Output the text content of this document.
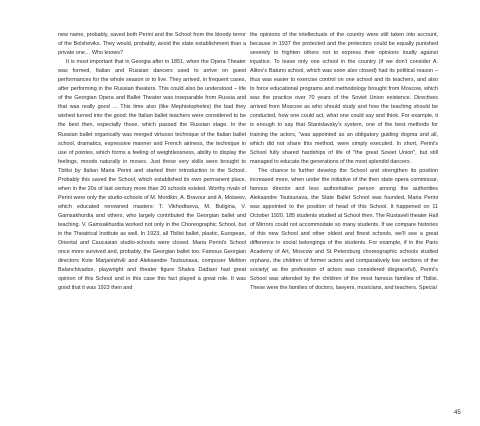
new name, probably, saved both Perini and the School from the bloody terror of the Bolsheviks. They would, probably, avoid the state establishment than a private one… Who knows?

It is most important that in Georgia after in 1851, when the Opera Theater was formed, Italian and Russian dancers used to arrive on guest performances for the whole season or to live. They arrived, in frequent cases, after performing in the Russian theaters. This could also be understood – life of the Georgian Opera and Ballet Theater was inseparable from Russia and that was really good … This time also (like Mephistopheles) the bad they wished turned into the good: the Italian ballet teachers were considered to be the best then, especially those, which passed the Russian stage. In the Russian ballet organically was merged virtuoso technique of the Italian ballet school, dramatics, expressive manner and French airiness, the technique in use of pointes, which forms a feeling of weightlessness, ability to display the feelings, moods naturally in moves. Just these very skills were brought to Tbilisi by Italian Maria Perini and started their introduction in the School. Probably this saved the School, which established its own permanent place, when in the 20s of last century more than 20 schools existed. Worthy rivals of Perini were only the studio-schools of M. Mordkin, A. Bravour and A. Moiseev, which educated renowned masters: T. Vikhodtseva, M. Buligina, V. Gamsakhurdia and others, who largely contributed the Georgian ballet and teaching. V. Gamsakhurdia worked not only in the Choreographic School, but in the Theatrical Institute as well. In 1923, all Tbilisi ballet, plastic, European, Oriental and Caucasian studio-schools were closed. Maria Perini's School once more survived and, probably, the Georgian ballet too. Famous Georgian directors Kote Marjanishvili and Aleksandre Tsutsunava, composer Meliton Balanchivadze, playwright and theater figure Shalva Dadiani had great opinion of this School and in this case this fact played a great role. It was good that it was 1923 then and

the opinions of the intellectuals of the country were still taken into account, because in 1937 the protected and the protectors could be equally punished severely to frighten others not to express their opinions loudly against injustice. To leave only one school in the country (if we don't consider A. Alitov's Batumi school, which was soon also closed) had its political reason – thus was easier to exercise control on one school and its teachers, and also to force educational programs and methodology brought from Moscow, which was the practice over 70 years of the Soviet Union existence. Directives arrived from Moscow as who should study and how the teaching should be conducted, how one could act, what one could say and think. For example, it is enough to say that Stanislavsky's system, one of the best methods for training the actors, "was appointed as an obligatory guiding dogma and all, which did not share this method, were simply executed. In short, Perini's School fully shared hardships of life of "the great Soviet Union", but still managed to educate the generations of the most splendid dancers.

The chance to further develop the School and strengthen its position increased more, when under the initiative of the then state opera commissar, famous director and less authoritative person among the authorities Aleksandre Tsutsunava, the State Ballet School was founded. Maria Perini was appointed to the position of head of this School. It happened on 11 October 1920. 185 students studied at School then. The Rustaveli theater Hall of Mirrors could not accommodate so many students. If we compare histories of this new School and other oldest and finest schools, we'll see a great difference in social belongings of the students. For example, if in the Paris Academy of Art, Moscow and St Petersburg choreographic schools studied orphans, the children of former actors and comparatively low sections of the society( as the profession of actors was considered disgraceful), Perini's School was attended by the children of the most famous families of Tbilisi. These were the families of doctors, lawyers, musicians, and teachers. Special

45
